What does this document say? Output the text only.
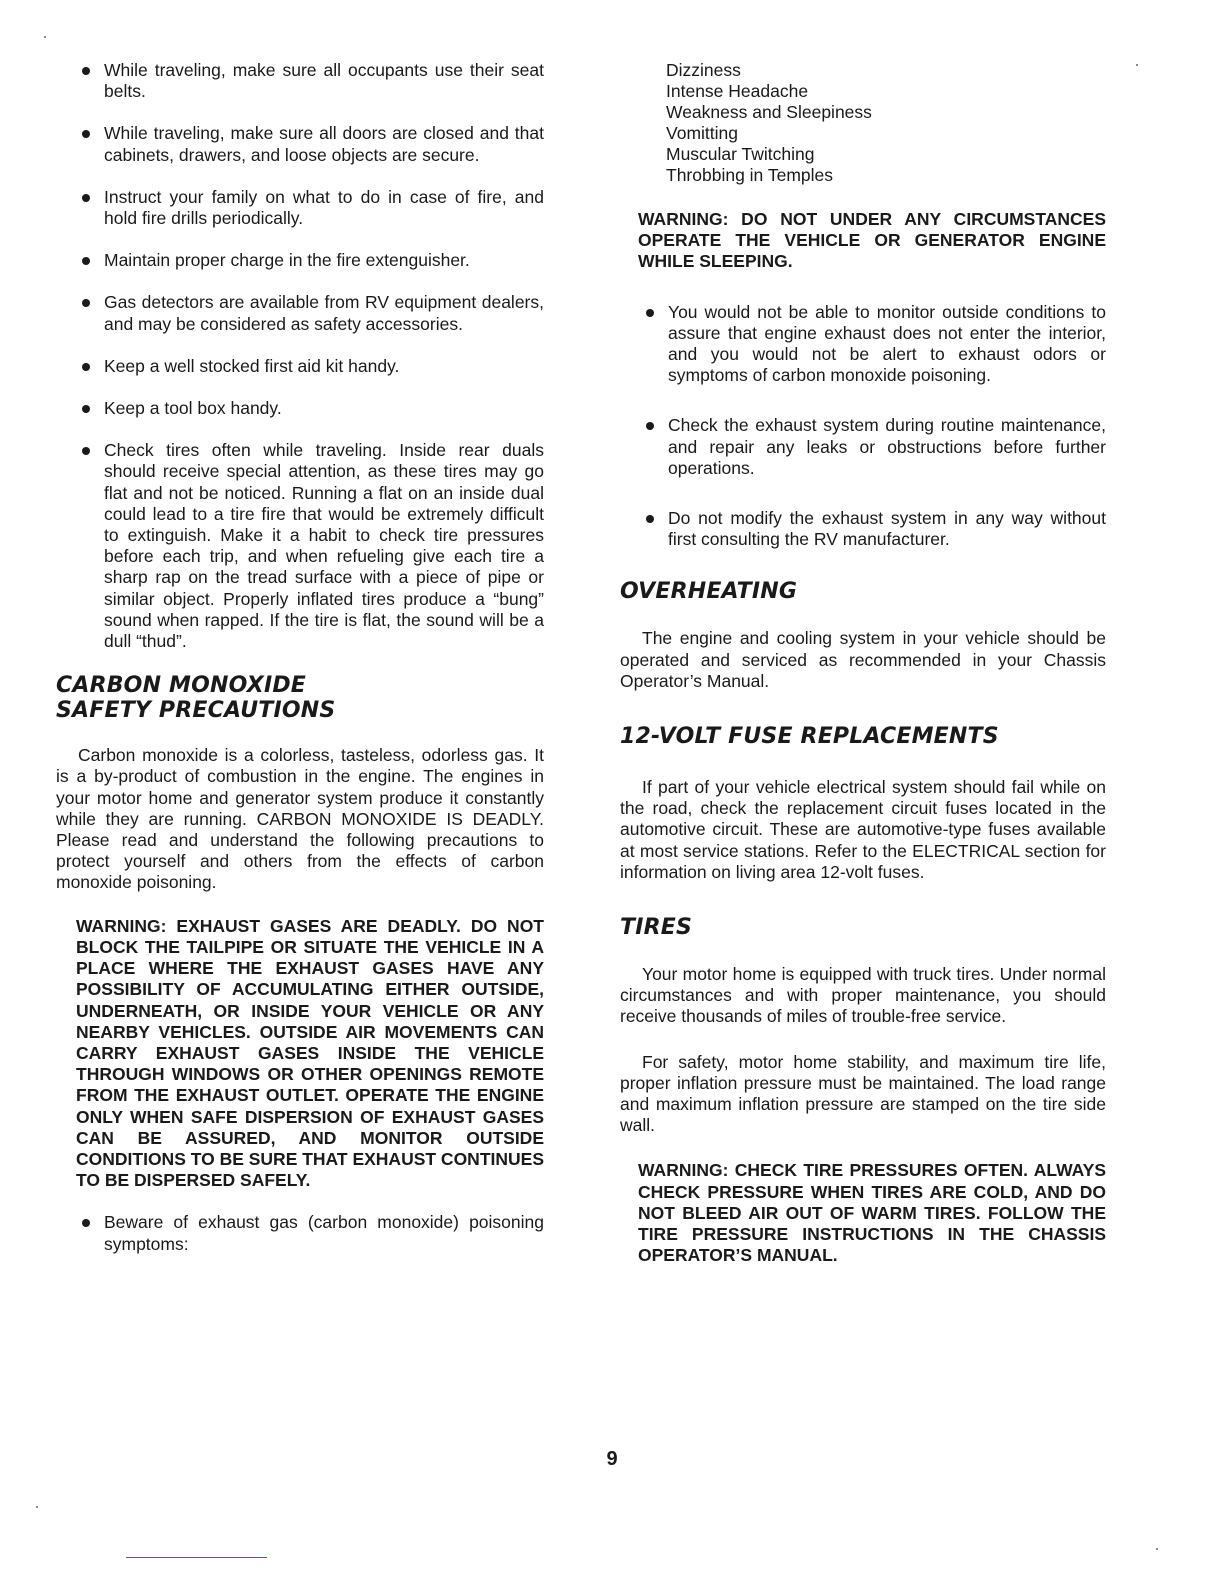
While traveling, make sure all occupants use their seat belts.
While traveling, make sure all doors are closed and that cabinets, drawers, and loose objects are secure.
Instruct your family on what to do in case of fire, and hold fire drills periodically.
Maintain proper charge in the fire extenguisher.
Gas detectors are available from RV equipment dealers, and may be considered as safety accessories.
Keep a well stocked first aid kit handy.
Keep a tool box handy.
Check tires often while traveling. Inside rear duals should receive special attention, as these tires may go flat and not be noticed. Running a flat on an inside dual could lead to a tire fire that would be extremely difficult to extinguish. Make it a habit to check tire pressures before each trip, and when refueling give each tire a sharp rap on the tread surface with a piece of pipe or similar object. Properly inflated tires produce a “bung” sound when rapped. If the tire is flat, the sound will be a dull “thud”.
CARBON MONOXIDE
SAFETY PRECAUTIONS

Carbon monoxide is a colorless, tasteless, odorless gas. It is a by-product of combustion in the engine. The engines in your motor home and generator system produce it constantly while they are running. CARBON MONOXIDE IS DEADLY. Please read and understand the following precautions to protect yourself and others from the effects of carbon monoxide poisoning.

WARNING: EXHAUST GASES ARE DEADLY. DO NOT BLOCK THE TAILPIPE OR SITUATE THE VEHICLE IN A PLACE WHERE THE EXHAUST GASES HAVE ANY POSSIBILITY OF ACCUMULATING EITHER OUTSIDE, UNDERNEATH, OR INSIDE YOUR VEHICLE OR ANY NEARBY VEHICLES. OUTSIDE AIR MOVEMENTS CAN CARRY EXHAUST GASES INSIDE THE VEHICLE THROUGH WINDOWS OR OTHER OPENINGS REMOTE FROM THE EXHAUST OUTLET. OPERATE THE ENGINE ONLY WHEN SAFE DISPERSION OF EXHAUST GASES CAN BE ASSURED, AND MONITOR OUTSIDE CONDITIONS TO BE SURE THAT EXHAUST CONTINUES TO BE DISPERSED SAFELY.

Beware of exhaust gas (carbon monoxide) poisoning symptoms:
Dizziness
Intense Headache
Weakness and Sleepiness
Vomitting
Muscular Twitching
Throbbing in Temples

WARNING: DO NOT UNDER ANY CIRCUMSTANCES OPERATE THE VEHICLE OR GENERATOR ENGINE WHILE SLEEPING.

You would not be able to monitor outside conditions to assure that engine exhaust does not enter the interior, and you would not be alert to exhaust odors or symptoms of carbon monoxide poisoning.
Check the exhaust system during routine maintenance, and repair any leaks or obstructions before further operations.
Do not modify the exhaust system in any way without first consulting the RV manufacturer.
OVERHEATING

The engine and cooling system in your vehicle should be operated and serviced as recommended in your Chassis Operator’s Manual.

12-VOLT FUSE REPLACEMENTS

If part of your vehicle electrical system should fail while on the road, check the replacement circuit fuses located in the automotive circuit. These are automotive-type fuses available at most service stations. Refer to the ELECTRICAL section for information on living area 12-volt fuses.

TIRES

Your motor home is equipped with truck tires. Under normal circumstances and with proper maintenance, you should receive thousands of miles of trouble-free service.

For safety, motor home stability, and maximum tire life, proper inflation pressure must be maintained. The load range and maximum inflation pressure are stamped on the tire side wall.

WARNING: CHECK TIRE PRESSURES OFTEN. ALWAYS CHECK PRESSURE WHEN TIRES ARE COLD, AND DO NOT BLEED AIR OUT OF WARM TIRES. FOLLOW THE TIRE PRESSURE INSTRUCTIONS IN THE CHASSIS OPERATOR’S MANUAL.

9
